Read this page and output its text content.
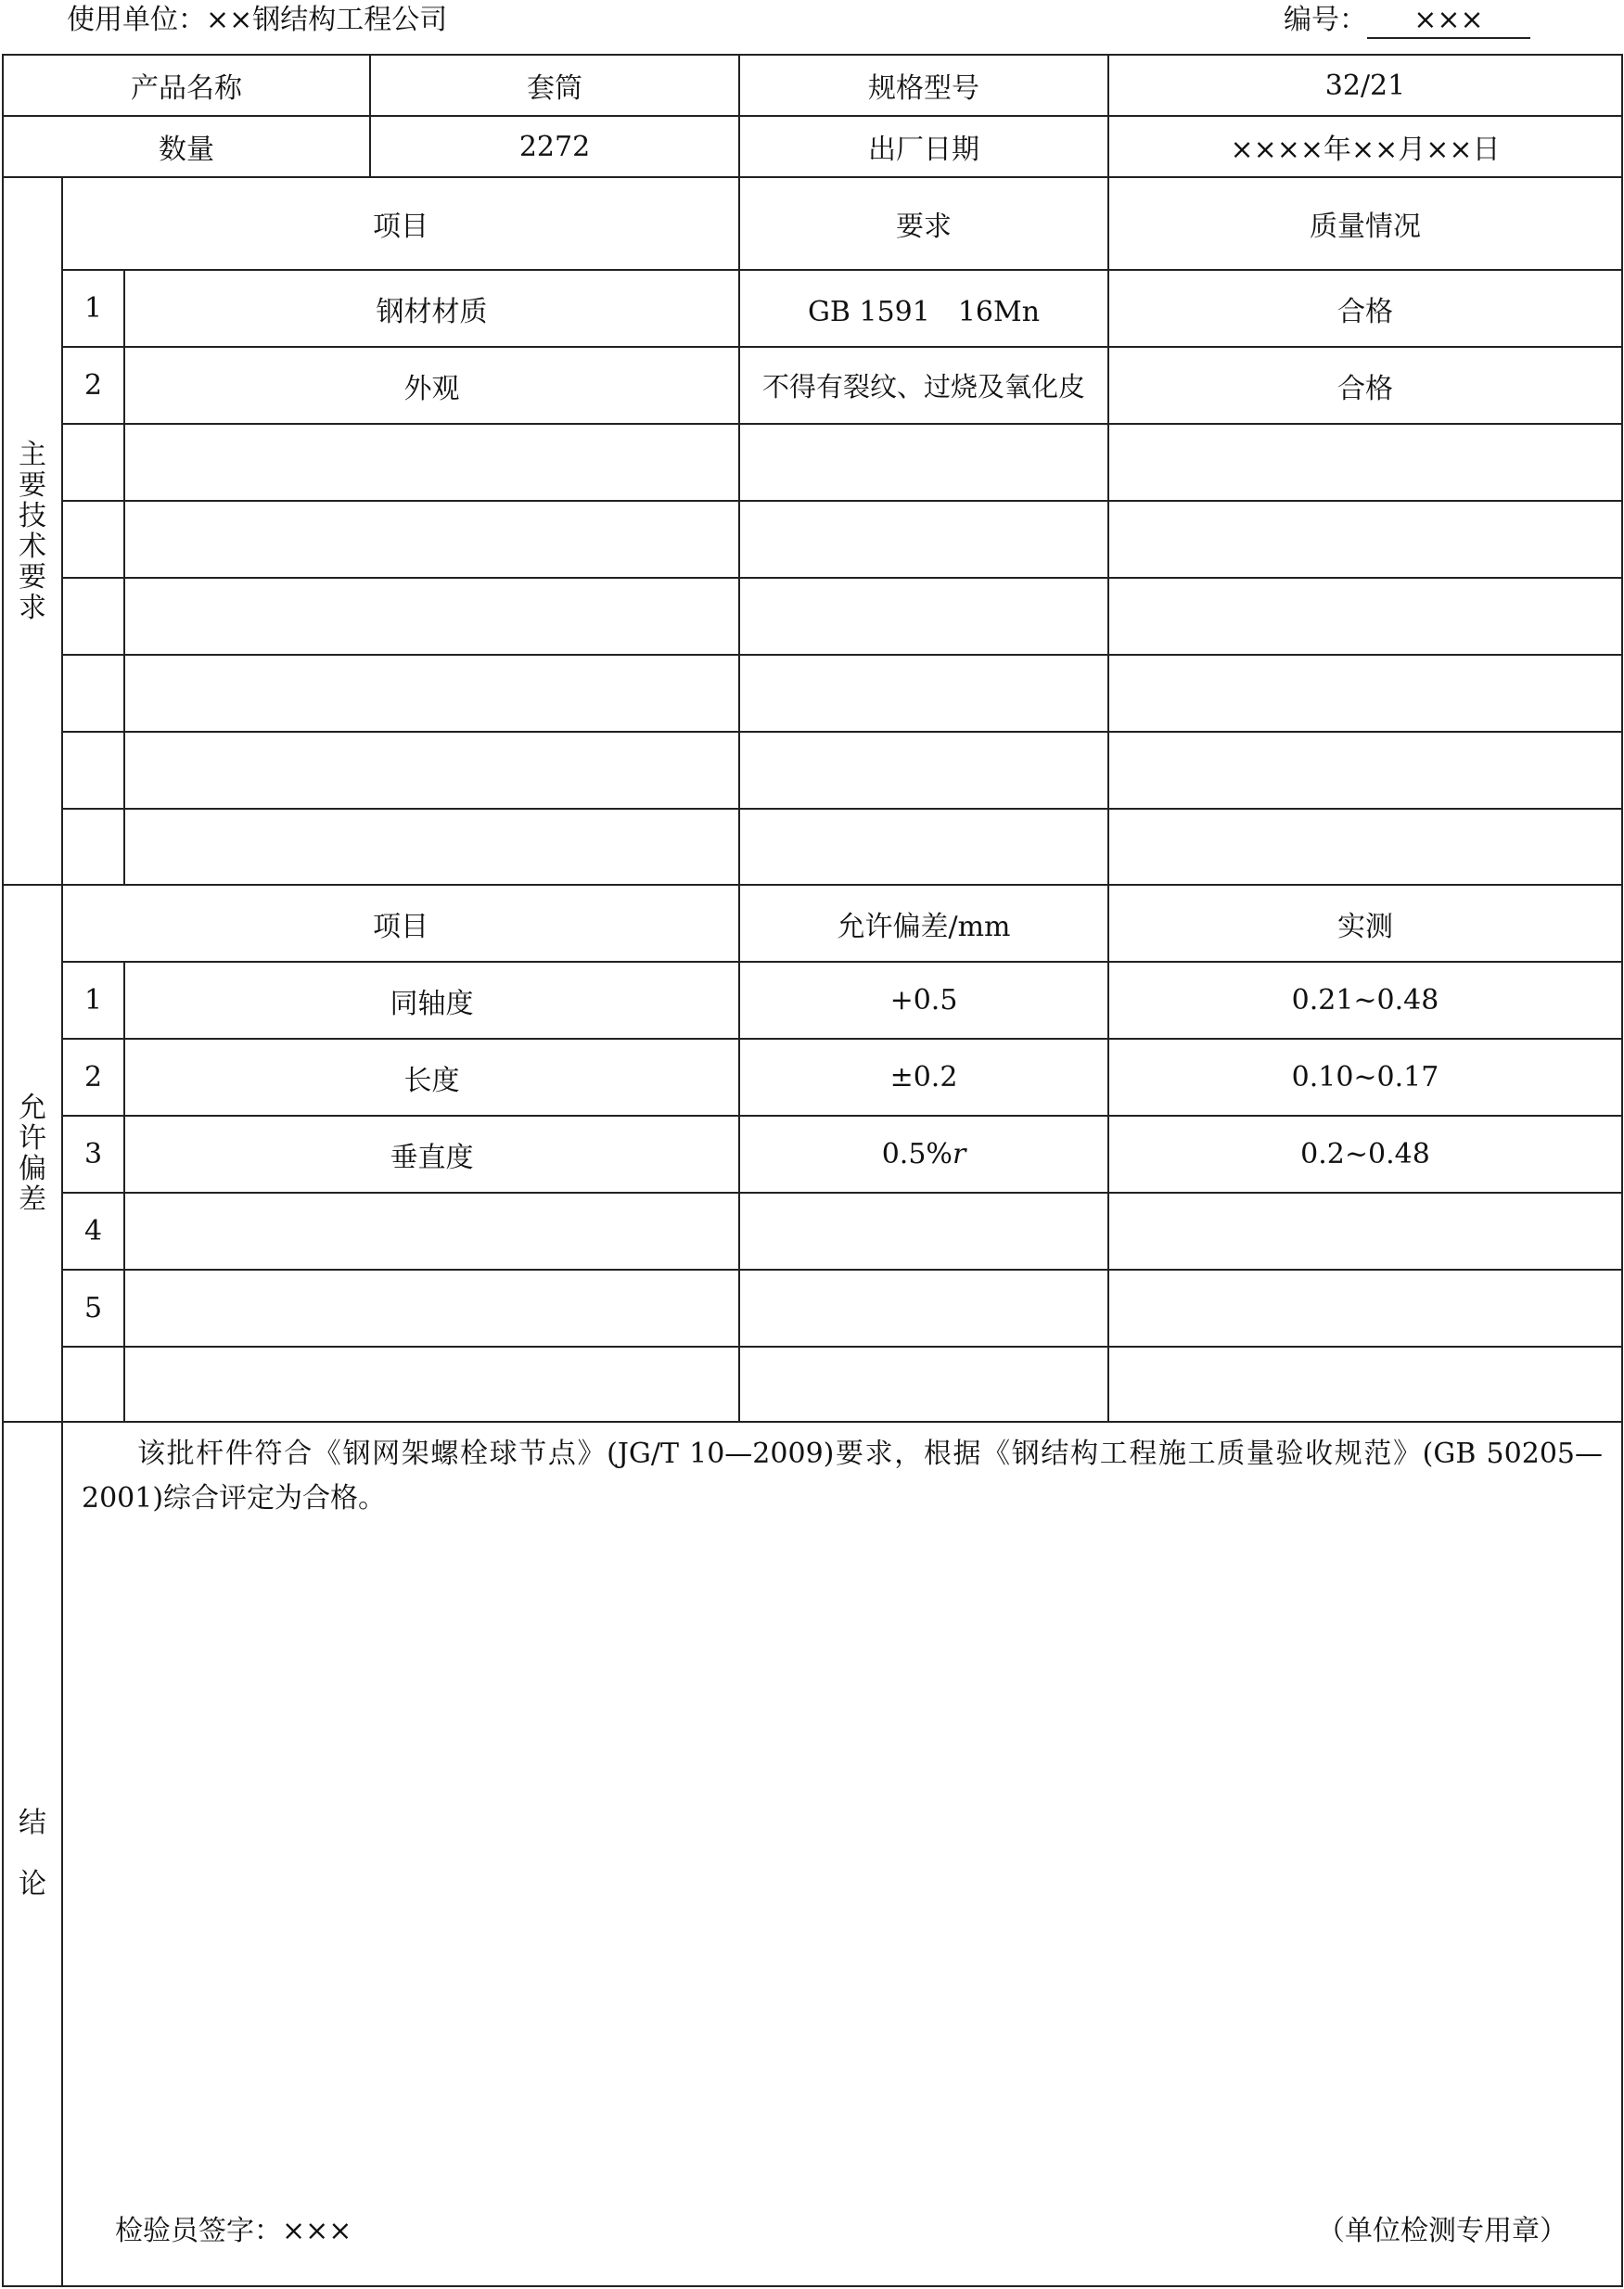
使用单位：××钢结构工程公司	编号： ×××
产品名称	套筒	规格型号	32/21
数量	2272	出厂日期	××××年××月××日
主
要
技
术
要
求
项目	要求	质量情况
1	钢材材质	GB 1591　16Mn	合格
2	外观	不得有裂纹、过烧及氧化皮	合格
允
许
偏
差
项目	允许偏差/mm	实测
1	同轴度	+0.5	0.21~0.48
2	长度	±0.2	0.10~0.17
3	垂直度	0.5% r	0.2~0.48
4
5
结
论
该批杆件符合《钢网架螺栓球节点》(JG/T 10—2009)要求，根据《钢结构工程施工质量验收规范》(GB 50205—2001)综合评定为合格。
检验员签字：×××	（单位检测专用章）
